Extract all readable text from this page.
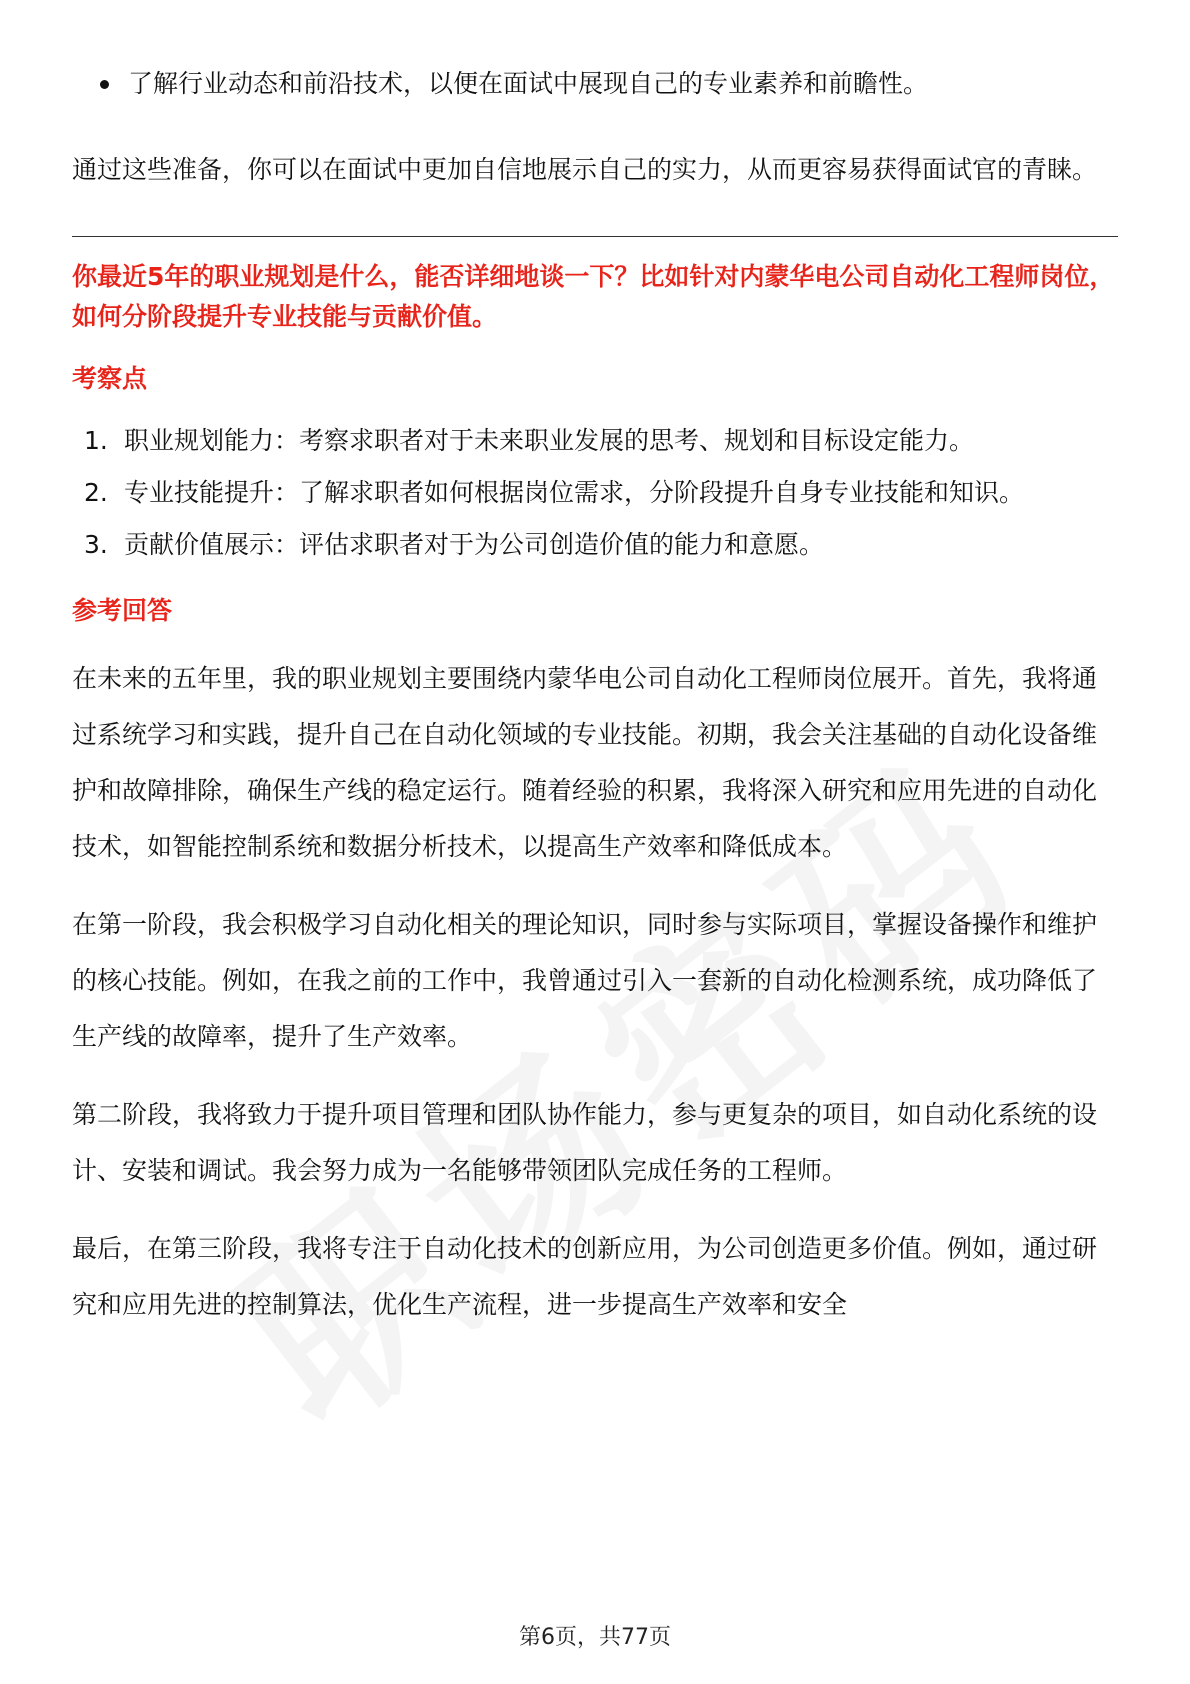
了解行业动态和前沿技术，以便在面试中展现自己的专业素养和前瞻性。

通过这些准备，你可以在面试中更加自信地展示自己的实力，从而更容易获得面试官的青睐。

你最近5年的职业规划是什么，能否详细地谈一下？比如针对内蒙华电公司自动化工程师岗位，如何分阶段提升专业技能与贡献价值。
考察点
1. 职业规划能力：考察求职者对于未来职业发展的思考、规划和目标设定能力。
2. 专业技能提升：了解求职者如何根据岗位需求，分阶段提升自身专业技能和知识。
3. 贡献价值展示：评估求职者对于为公司创造价值的能力和意愿。
参考回答

在未来的五年里，我的职业规划主要围绕内蒙华电公司自动化工程师岗位展开。首先，我将通过系统学习和实践，提升自己在自动化领域的专业技能。初期，我会关注基础的自动化设备维护和故障排除，确保生产线的稳定运行。随着经验的积累，我将深入研究和应用先进的自动化技术，如智能控制系统和数据分析技术，以提高生产效率和降低成本。

在第一阶段，我会积极学习自动化相关的理论知识，同时参与实际项目，掌握设备操作和维护的核心技能。例如，在我之前的工作中，我曾通过引入一套新的自动化检测系统，成功降低了生产线的故障率，提升了生产效率。

第二阶段，我将致力于提升项目管理和团队协作能力，参与更复杂的项目，如自动化系统的设计、安装和调试。我会努力成为一名能够带领团队完成任务的工程师。

最后，在第三阶段，我将专注于自动化技术的创新应用，为公司创造更多价值。例如，通过研究和应用先进的控制算法，优化生产流程，进一步提高生产效率和安全

第6页，共77页
